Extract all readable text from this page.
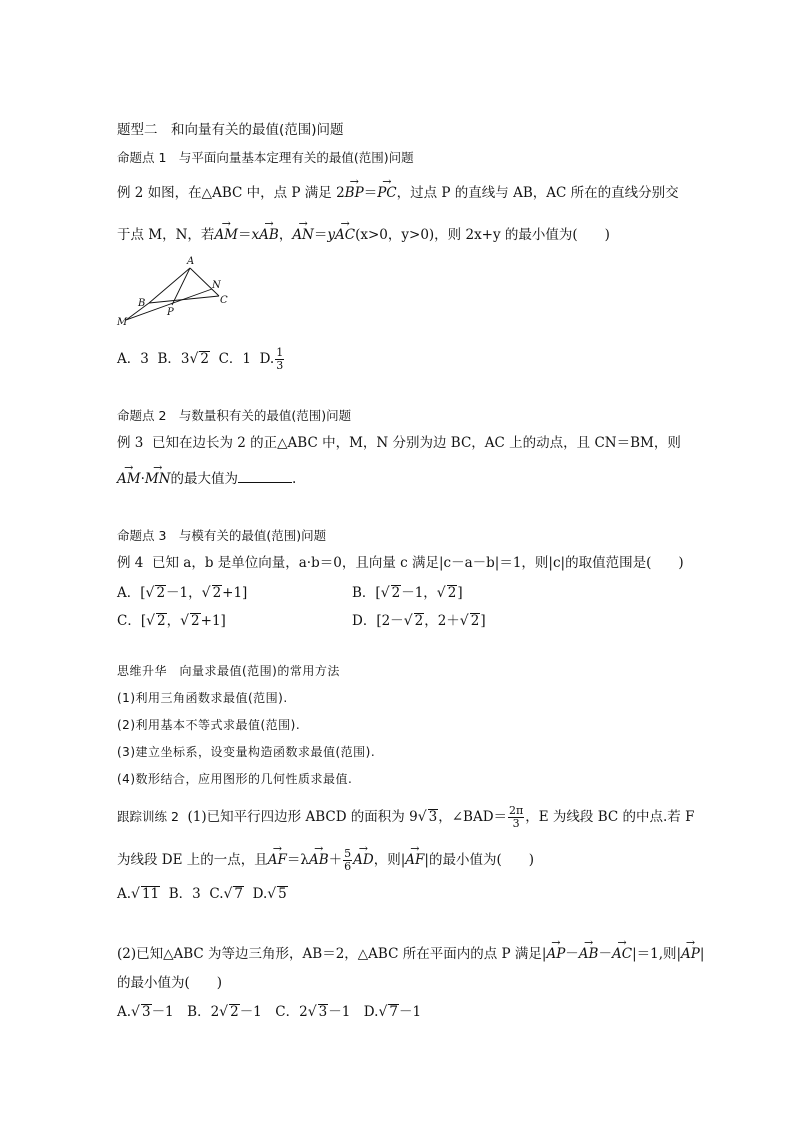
题型二　和向量有关的最值(范围)问题
命题点 1　与平面向量基本定理有关的最值(范围)问题
例 2 如图，在△ABC 中，点 P 满足 2→ BP＝→ PC，过点 P 的直线与 AB，AC 所在的直线分别交
于点 M，N，若→ AM＝x→ AB，→ AN＝y→ AC(x>0，y>0)，则 2x+y 的最小值为(　　)
A
N
B	C
P
M
A．3 B．3√ 2 C．1 D. $\frac{1}{3}$
命题点 2　与数量积有关的最值(范围)问题
例 3 已知在边长为 2 的正△ABC 中，M，N 分别为边 BC，AC 上的动点，且 CN＝BM，则
→ AM·→ MN的最大值为	.
命题点 3　与模有关的最值(范围)问题
例 4 已知 a，b 是单位向量，a·b＝0，且向量 c 满足|c－a－b|＝1，则|c|的取值范围是(　　)
A．[√ 2－1，√ 2+1]	B．[√ 2－1，√ 2]
C．[√ 2，√ 2+1]	D．[2－√ 2，2＋√ 2]
思维升华　向量求最值(范围)的常用方法
(1)利用三角函数求最值(范围).
(2)利用基本不等式求最值(范围).
(3)建立坐标系，设变量构造函数求最值(范围).
(4)数形结合，应用图形的几何性质求最值.
跟踪训练 2 (1)已知平行四边形 ABCD 的面积为 9√ 3，∠BAD＝ $\frac{2\pi}{3}$ ，E 为线段 BC 的中点.若 F
为线段 DE 上的一点，且→ $AF=\lambda\to AB+ \frac{5}{6}$
→ AD，则|→ AF|的最小值为(　　)
A.√ 11 B．3 C.√ 7 D.√ 5
(2)已知△ABC 为等边三角形，AB＝2，△ABC 所在平面内的点 P 满足|→ AP－→ AB－→ AC|＝1,则|→ AP|
的最小值为(　　)
A.√ 3－1　B．2√ 2－1　C．2√ 3－1　D.√ 7－1
